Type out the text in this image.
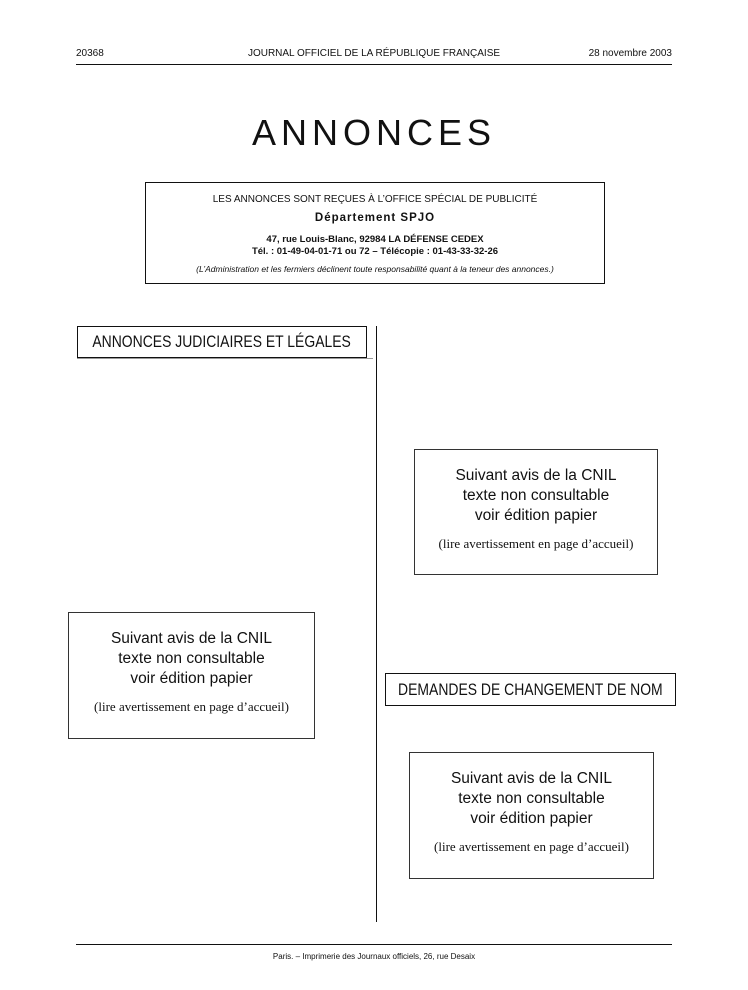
20368	JOURNAL OFFICIEL DE LA RÉPUBLIQUE FRANÇAISE	28 novembre 2003
ANNONCES
LES ANNONCES SONT REÇUES À L’OFFICE SPÉCIAL DE PUBLICITÉ
Département SPJO
47, rue Louis-Blanc, 92984 LA DÉFENSE CEDEX
Tél. : 01-49-04-01-71 ou 72 – Télécopie : 01-43-33-32-26
(L’Administration et les fermiers déclinent toute responsabilité quant à la teneur des annonces.)
ANNONCES JUDICIAIRES ET LÉGALES
Suivant avis de la CNIL
texte non consultable
voir édition papier
(lire avertissement en page d’accueil)
Suivant avis de la CNIL
texte non consultable
voir édition papier
(lire avertissement en page d’accueil)
DEMANDES DE CHANGEMENT DE NOM
Suivant avis de la CNIL
texte non consultable
voir édition papier
(lire avertissement en page d’accueil)
Paris. – Imprimerie des Journaux officiels, 26, rue Desaix
